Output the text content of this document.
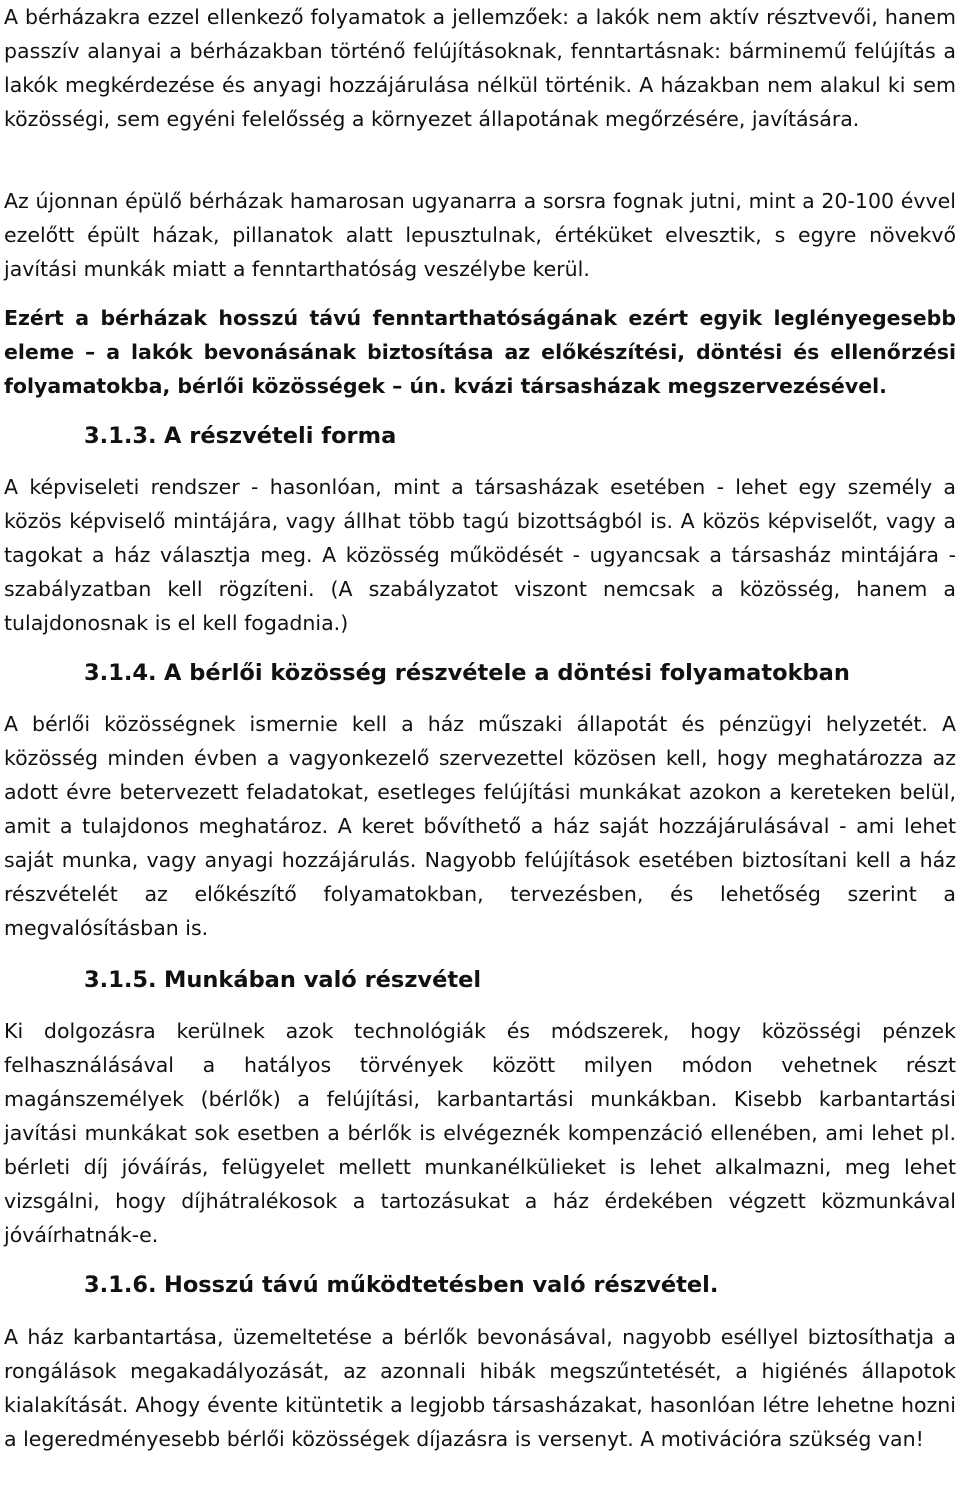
A bérházakra ezzel ellenkező folyamatok a jellemzőek: a lakók nem aktív résztvevői, hanem passzív alanyai a bérházakban történő felújításoknak, fenntartásnak: bárminemű felújítás a lakók megkérdezése és anyagi hozzájárulása nélkül történik. A házakban nem alakul ki sem közösségi, sem egyéni felelősség a környezet állapotának megőrzésére, javítására.

Az újonnan épülő bérházak hamarosan ugyanarra a sorsra fognak jutni, mint a 20-100 évvel ezelőtt épült házak, pillanatok alatt lepusztulnak, értéküket elvesztik, s egyre növekvő javítási munkák miatt a fenntarthatóság veszélybe kerül.

Ezért a bérházak hosszú távú fenntarthatóságának ezért egyik leglényegesebb eleme – a lakók bevonásának biztosítása az előkészítési, döntési és ellenőrzési folyamatokba, bérlői közösségek – ún. kvázi társasházak megszervezésével.

3.1.3. A részvételi forma

A képviseleti rendszer - hasonlóan, mint a társasházak esetében - lehet egy személy a közös képviselő mintájára, vagy állhat több tagú bizottságból is. A közös képviselőt, vagy a tagokat a ház választja meg. A közösség működését - ugyancsak a társasház mintájára - szabályzatban kell rögzíteni. (A szabályzatot viszont nemcsak a közösség, hanem a tulajdonosnak is el kell fogadnia.)

3.1.4. A bérlői közösség részvétele a döntési folyamatokban

A bérlői közösségnek ismernie kell a ház műszaki állapotát és pénzügyi helyzetét. A közösség minden évben a vagyonkezelő szervezettel közösen kell, hogy meghatározza az adott évre betervezett feladatokat, esetleges felújítási munkákat azokon a kereteken belül, amit a tulajdonos meghatároz. A keret bővíthető a ház saját hozzájárulásával - ami lehet saját munka, vagy anyagi hozzájárulás. Nagyobb felújítások esetében biztosítani kell a ház részvételét az előkészítő folyamatokban, tervezésben, és lehetőség szerint a megvalósításban is.

3.1.5. Munkában való részvétel

Ki dolgozásra kerülnek azok technológiák és módszerek, hogy közösségi pénzek felhasználásával a hatályos törvények között milyen módon vehetnek részt magánszemélyek (bérlők) a felújítási, karbantartási munkákban. Kisebb karbantartási javítási munkákat sok esetben a bérlők is elvégeznék kompenzáció ellenében, ami lehet pl. bérleti díj jóváírás, felügyelet mellett munkanélkülieket is lehet alkalmazni, meg lehet vizsgálni, hogy díjhátralékosok a tartozásukat a ház érdekében végzett közmunkával jóváírhatnák-e.

3.1.6. Hosszú távú működtetésben való részvétel.

A ház karbantartása, üzemeltetése a bérlők bevonásával, nagyobb eséllyel biztosíthatja a rongálások megakadályozását, az azonnali hibák megszűntetését, a higiénés állapotok kialakítását. Ahogy évente kitüntetik a legjobb társasházakat, hasonlóan létre lehetne hozni a legeredményesebb bérlői közösségek díjazásra is versenyt. A motivációra szükség van!
